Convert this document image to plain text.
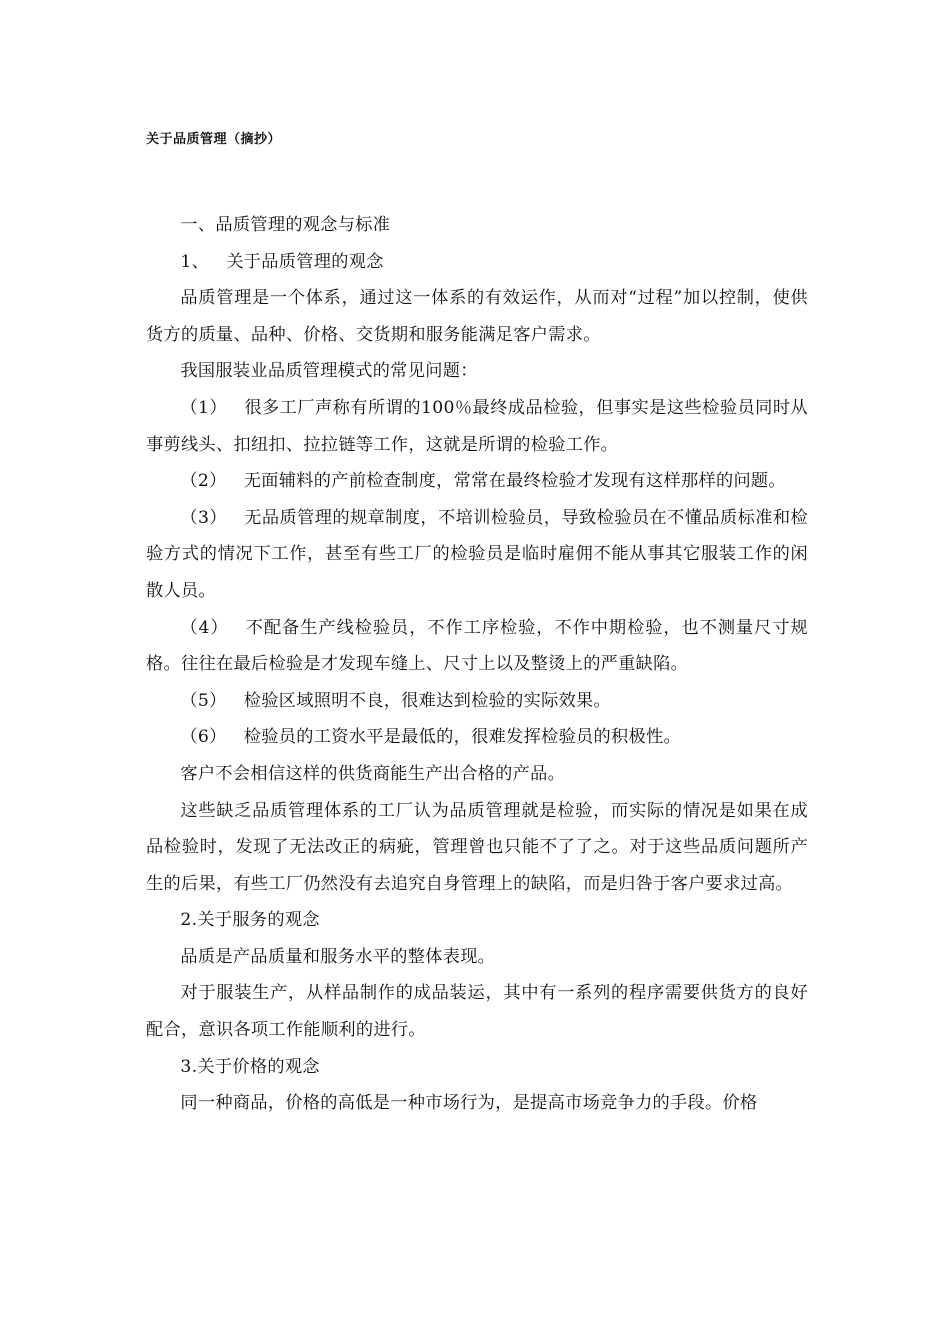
关于品质管理（摘抄）

一、品质管理的观念与标准

1、 关于品质管理的观念

品质管理是一个体系，通过这一体系的有效运作，从而对“过程”加以控制，使供货方的质量、品种、价格、交货期和服务能满足客户需求。

我国服装业品质管理模式的常见问题：

（1） 很多工厂声称有所谓的100％最终成品检验，但事实是这些检验员同时从事剪线头、扣纽扣、拉拉链等工作，这就是所谓的检验工作。

（2） 无面辅料的产前检查制度，常常在最终检验才发现有这样那样的问题。

（3） 无品质管理的规章制度，不培训检验员，导致检验员在不懂品质标准和检验方式的情况下工作，甚至有些工厂的检验员是临时雇佣不能从事其它服装工作的闲散人员。

（4） 不配备生产线检验员，不作工序检验，不作中期检验，也不测量尺寸规格。往往在最后检验是才发现车缝上、尺寸上以及整烫上的严重缺陷。

（5） 检验区域照明不良，很难达到检验的实际效果。

（6） 检验员的工资水平是最低的，很难发挥检验员的积极性。

客户不会相信这样的供货商能生产出合格的产品。

这些缺乏品质管理体系的工厂认为品质管理就是检验，而实际的情况是如果在成品检验时，发现了无法改正的病疵，管理曾也只能不了了之。对于这些品质问题所产生的后果，有些工厂仍然没有去追究自身管理上的缺陷，而是归咎于客户要求过高。

2.关于服务的观念

品质是产品质量和服务水平的整体表现。

对于服装生产，从样品制作的成品装运，其中有一系列的程序需要供货方的良好配合，意识各项工作能顺利的进行。

3.关于价格的观念

同一种商品，价格的高低是一种市场行为，是提高市场竞争力的手段。价格
